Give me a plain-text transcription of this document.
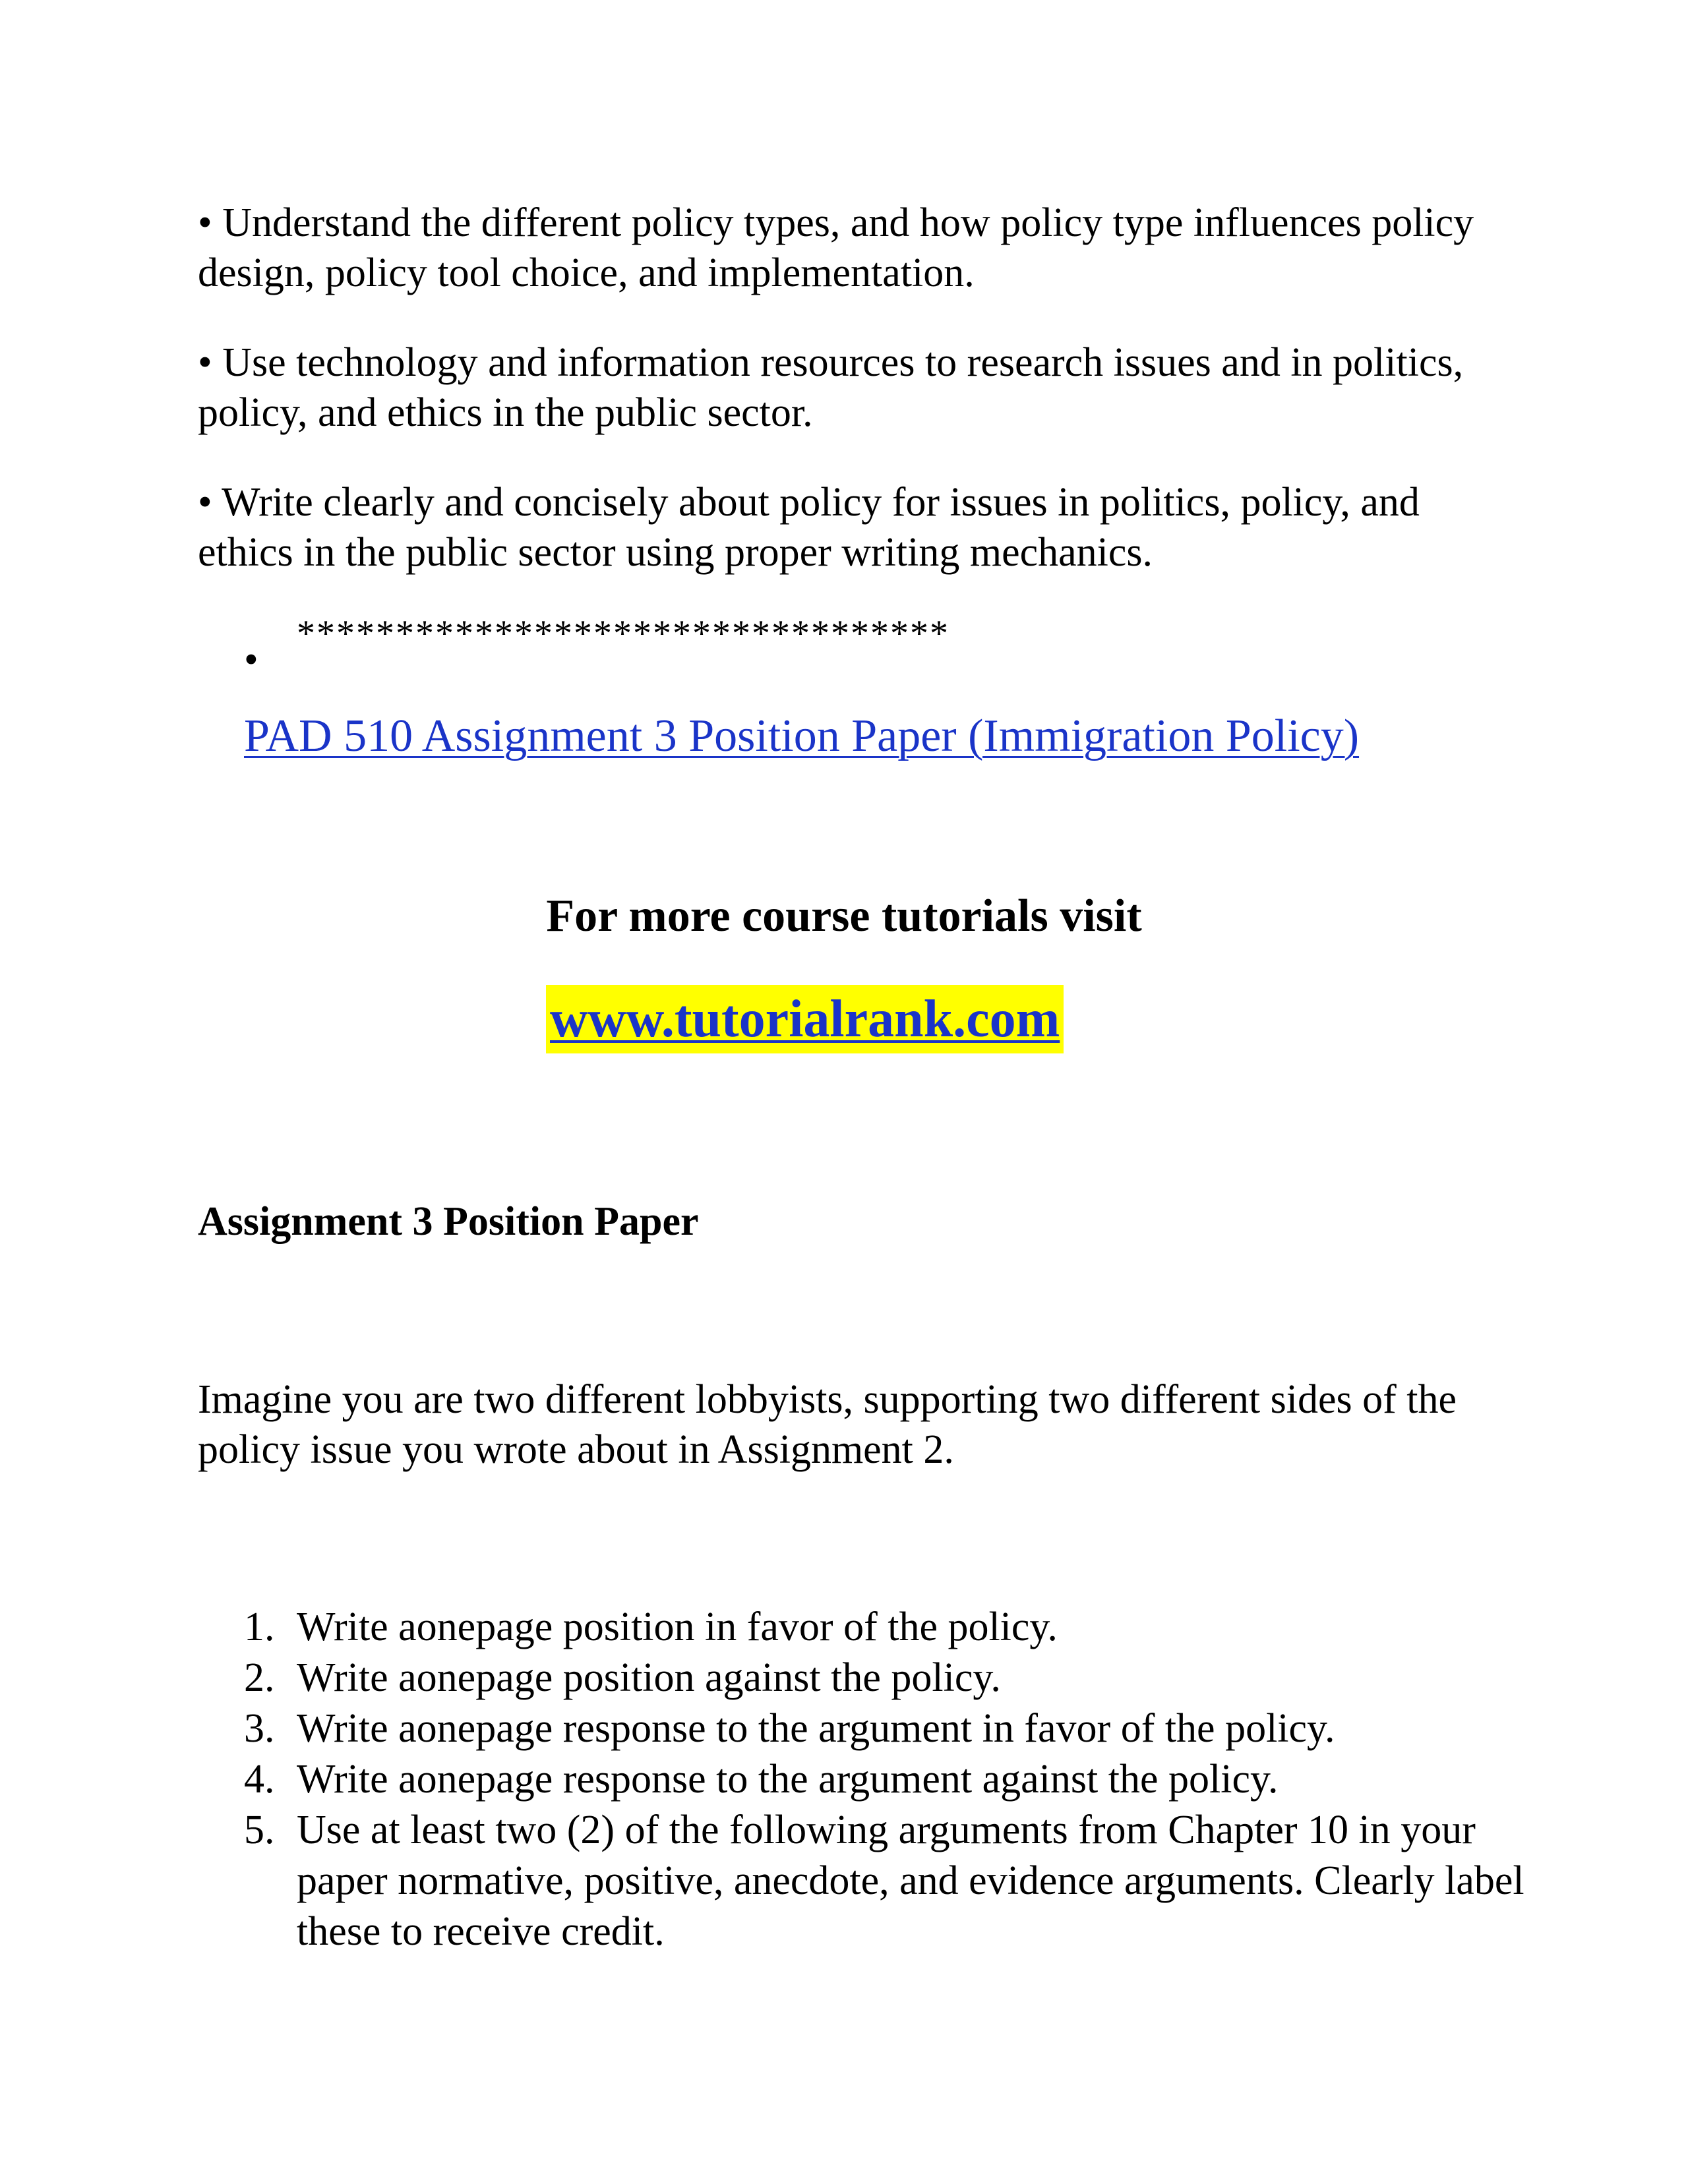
• Understand the different policy types, and how policy type influences policy design, policy tool choice, and implementation.

• Use technology and information resources to research issues and in politics, policy, and ethics in the public sector.

• Write clearly and concisely about policy for issues in politics, policy, and ethics in the public sector using proper writing mechanics.

•
*********************************
PAD 510 Assignment 3 Position Paper (Immigration Policy)
For more course tutorials visit
www.tutorialrank.com
Assignment 3 Position Paper

Imagine you are two different lobbyists, supporting two different sides of the policy issue you wrote about in Assignment 2.

1. Write aonepage position in favor of the policy.
2. Write aonepage position against the policy.
3. Write aonepage response to the argument in favor of the policy.
4. Write aonepage response to the argument against the policy.
5. Use at least two (2) of the following arguments from Chapter 10 in your paper normative, positive, anecdote, and evidence arguments. Clearly label these to receive credit.
